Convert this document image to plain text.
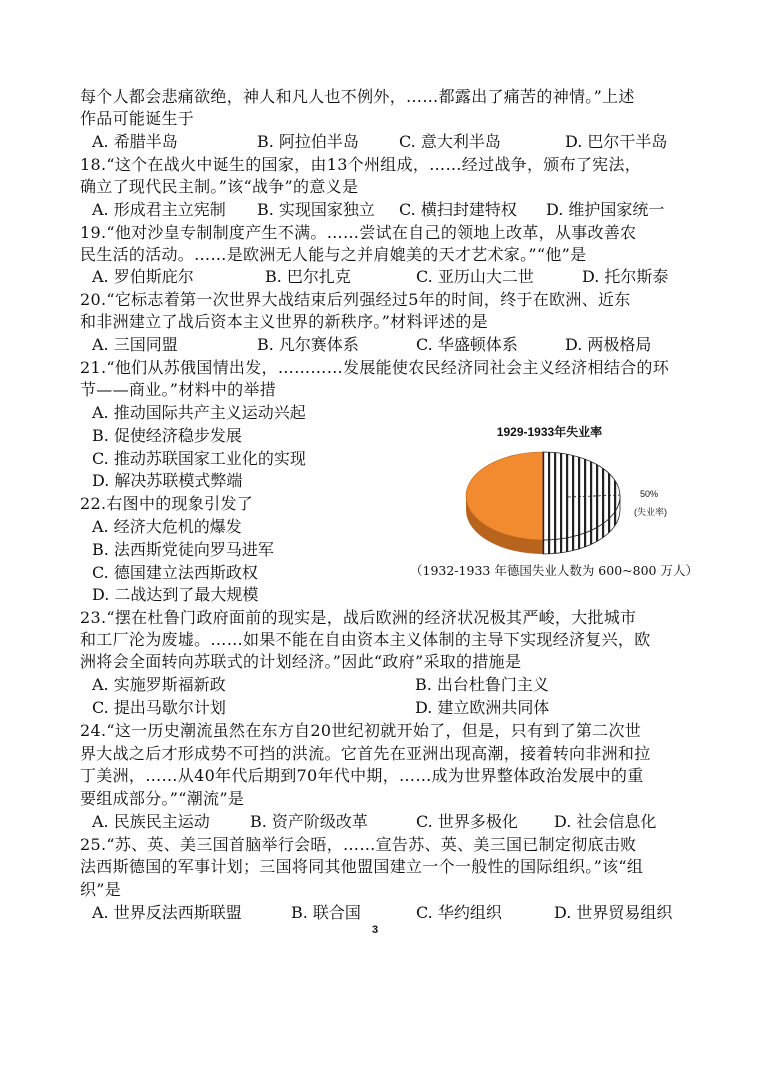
每个人都会悲痛欲绝，神人和凡人也不例外，……都露出了痛苦的神情。”上述
作品可能诞生于
A. 希腊半岛	B. 阿拉伯半岛	C. 意大利半岛	D. 巴尔干半岛
18.“这个在战火中诞生的国家，由13个州组成，……经过战争，颁布了宪法，
确立了现代民主制。”该“战争”的意义是
A. 形成君主立宪制 B. 实现国家独立 C. 横扫封建特权 D. 维护国家统一
19.“他对沙皇专制制度产生不满。……尝试在自己的领地上改革，从事改善农
民生活的活动。……是欧洲无人能与之并肩媲美的天才艺术家。”“他”是
A. 罗伯斯庇尔	B. 巴尔扎克	C. 亚历山大二世	D. 托尔斯泰
20.“它标志着第一次世界大战结束后列强经过5年的时间，终于在欧洲、近东
和非洲建立了战后资本主义世界的新秩序。”材料评述的是
A. 三国同盟	B. 凡尔赛体系	C. 华盛顿体系	D. 两极格局
21.“他们从苏俄国情出发，…………发展能使农民经济同社会主义经济相结合的环
节——商业。”材料中的举措
A. 推动国际共产主义运动兴起
B. 促使经济稳步发展
C. 推动苏联国家工业化的实现
D. 解决苏联模式弊端
22.右图中的现象引发了
A. 经济大危机的爆发
B. 法西斯党徒向罗马进军
C. 德国建立法西斯政权
D. 二战达到了最大规模
1929-1933年失业率
50%
(失业率)
（1932-1933 年德国失业人数为 600~800 万人）
23.“摆在杜鲁门政府面前的现实是，战后欧洲的经济状况极其严峻，大批城市
和工厂沦为废墟。……如果不能在自由资本主义体制的主导下实现经济复兴，欧
洲将会全面转向苏联式的计划经济。”因此“政府”采取的措施是
A. 实施罗斯福新政	B. 出台杜鲁门主义
C. 提出马歇尔计划	D. 建立欧洲共同体
24.“这一历史潮流虽然在东方自20世纪初就开始了，但是，只有到了第二次世
界大战之后才形成势不可挡的洪流。它首先在亚洲出现高潮，接着转向非洲和拉
丁美洲，……从40年代后期到70年代中期，……成为世界整体政治发展中的重
要组成部分。”“潮流”是
A. 民族民主运动	B. 资产阶级改革	C. 世界多极化 D. 社会信息化
25.“苏、英、美三国首脑举行会晤，……宣告苏、英、美三国已制定彻底击败
法西斯德国的军事计划；三国将同其他盟国建立一个一般性的国际组织。”该“组
织”是
A. 世界反法西斯联盟	B. 联合国	C. 华约组织	D. 世界贸易组织
3
